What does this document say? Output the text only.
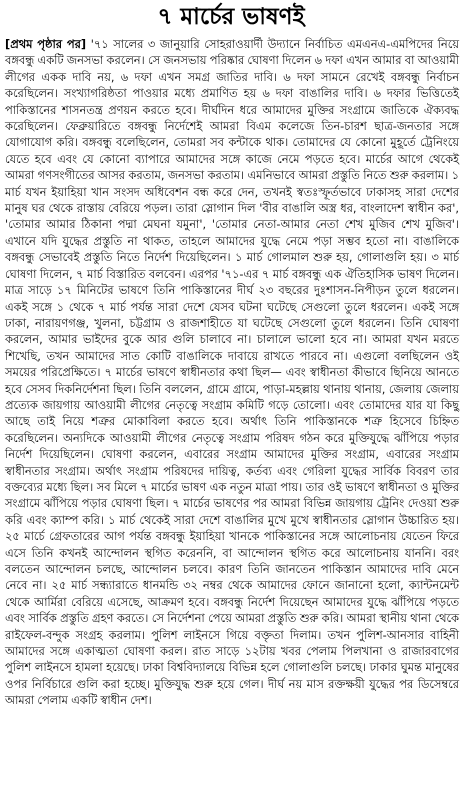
৭ মার্চের ভাষণই

[প্রথম পৃষ্ঠার পর] '৭১ সালের ৩ জানুয়ারি সোহরাওয়ার্দী উদ্যানে নির্বাচিত এমএনএ-এমপিদের নিয়ে বঙ্গবন্ধু একটি জনসভা করলেন। সে জনসভায় পরিষ্কার ঘোষণা দিলেন ৬ দফা এখন আমার বা আওয়ামী লীগের একক দাবি নয়, ৬ দফা এখন সমগ্র জাতির দাবি। ৬ দফা সামনে রেখেই বঙ্গবন্ধু নির্বাচন করেছিলেন। সংখ্যাগরিষ্ঠতা পাওয়ার মধ্যে প্রমাণিত হয় ৬ দফা বাঙালির দাবি। ৬ দফার ভিত্তিতেই পাকিস্তানের শাসনতন্ত্র প্রণয়ন করতে হবে। দীর্ঘদিন ধরে আমাদের মুক্তির সংগ্রামে জাতিকে ঐক্যবদ্ধ করেছিলেন। ফেব্রুয়ারিতে বঙ্গবন্ধু নির্দেশেই আমরা বিএম কলেজে তিন-চারশ ছাত্র-জনতার সঙ্গে যোগাযোগ করি। বঙ্গবন্ধু বলেছিলেন, তোমরা সব কন্টাকে থাক। তোমাদের যে কোনো মুহূর্তে ট্রেনিংয়ে যেতে হবে এবং যে কোনো ব্যাপারে আমাদের সঙ্গে কাজে নেমে পড়তে হবে। মার্চের আগে থেকেই আমরা গণসংগীতের আসর করতাম, জনসভা করতাম। এমনিভাবে আমরা প্রস্তুতি নিতে শুরু করলাম। ১ মার্চ যখন ইয়াহিয়া খান সংসদ অধিবেশন বন্ধ করে দেন, তখনই স্বতঃস্ফূর্তভাবে ঢাকাসহ সারা দেশের মানুষ ঘর থেকে রাস্তায় বেরিয়ে পড়ল। তারা স্লোগান দিল 'বীর বাঙালি অস্ত্র ধর, বাংলাদেশ স্বাধীন কর', 'তোমার আমার ঠিকানা পদ্মা মেঘনা যমুনা', 'তোমার নেতা-আমার নেতা শেখ মুজিব শেখ মুজিব'। এখানে যদি যুদ্ধের প্রস্তুতি না থাকত, তাহলে আমাদের যুদ্ধে নেমে পড়া সম্ভব হতো না। বাঙালিকে বঙ্গবন্ধু সেভাবেই প্রস্তুতি নিতে নির্দেশ দিয়েছিলেন। ১ মার্চ গোলমাল শুরু হয়, গোলাগুলি হয়। ৩ মার্চ ঘোষণা দিলেন, ৭ মার্চ বিস্তারিত বলবেন। এরপর '৭১-এর ৭ মার্চ বঙ্গবন্ধু এক ঐতিহাসিক ভাষণ দিলেন। মাত্র সাড়ে ১৭ মিনিটের ভাষণে তিনি পাকিস্তানের দীর্ঘ ২৩ বছরের দুঃশাসন-নিপীড়ন তুলে ধরলেন। একই সঙ্গে ১ থেকে ৭ মার্চ পর্যন্ত সারা দেশে যেসব ঘটনা ঘটেছে সেগুলো তুলে ধরলেন। একই সঙ্গে ঢাকা, নারায়ণগঞ্জ, খুলনা, চট্টগ্রাম ও রাজশাহীতে যা ঘটেছে সেগুলো তুলে ধরলেন। তিনি ঘোষণা করলেন, আমার ভাইদের বুকে আর গুলি চালাবে না। চালালে ভালো হবে না। আমরা যখন মরতে শিখেছি, তখন আমাদের সাত কোটি বাঙালিকে দাবায়ে রাখতে পারবে না। এগুলো বলছিলেন ওই সময়ের পরিপ্রেক্ষিতে। ৭ মার্চের ভাষণে স্বাধীনতার কথা ছিল— এবং স্বাধীনতা কীভাবে ছিনিয়ে আনতে হবে সেসব দিকনির্দেশনা ছিল। তিনি বললেন, গ্রামে গ্রামে, পাড়া-মহল্লায় থানায় থানায়, জেলায় জেলায় প্রত্যেক জায়গায় আওয়ামী লীগের নেতৃত্বে সংগ্রাম কমিটি গড়ে তোলো। এবং তোমাদের যার যা কিছু আছে তাই নিয়ে শত্রুর মোকাবিলা করতে হবে। অর্থাৎ তিনি পাকিস্তানকে শত্রু হিসেবে চিহ্নিত করেছিলেন। অন্যদিকে আওয়ামী লীগের নেতৃত্বে সংগ্রাম পরিষদ গঠন করে মুক্তিযুদ্ধে ঝাঁপিয়ে পড়ার নির্দেশ দিয়েছিলেন। ঘোষণা করলেন, এবারের সংগ্রাম আমাদের মুক্তির সংগ্রাম, এবারের সংগ্রাম স্বাধীনতার সংগ্রাম। অর্থাৎ সংগ্রাম পরিষদের দায়িত্ব, কর্তব্য এবং গেরিলা যুদ্ধের সার্বিক বিবরণ তার বক্তব্যের মধ্যে ছিল। সব মিলে ৭ মার্চের ভাষণ এক নতুন মাত্রা পায়। তার ওই ভাষণে স্বাধীনতা ও মুক্তির সংগ্রামে ঝাঁপিয়ে পড়ার ঘোষণা ছিল। ৭ মার্চের ভাষণের পর আমরা বিভিন্ন জায়গায় ট্রেনিং দেওয়া শুরু করি এবং ক্যাম্প করি। ১ মার্চ থেকেই সারা দেশে বাঙালির মুখে মুখে স্বাধীনতার স্লোগান উচ্চারিত হয়। ২৫ মার্চে গ্রেফতারের আগ পর্যন্ত বঙ্গবন্ধু ইয়াহিয়া খানকে পাকিস্তানের সঙ্গে আলোচনায় যেতেন ফিরে এসে তিনি কখনই আন্দোলন স্থগিত করেননি, বা আন্দোলন স্থগিত করে আলোচনায় যাননি। বরং বলতেন আন্দোলন চলছে, আন্দোলন চলবে। কারণ তিনি জানতেন পাকিস্তান আমাদের দাবি মেনে নেবে না। ২৫ মার্চ সন্ধ্যারাতে ধানমন্ডি ৩২ নম্বর থেকে আমাদের ফোনে জানানো হলো, ক্যান্টনমেন্ট থেকে আর্মিরা বেরিয়ে এসেছে, আক্রমণ হবে। বঙ্গবন্ধু নির্দেশ দিয়েছেন আমাদের যুদ্ধে ঝাঁপিয়ে পড়তে এবং সার্বিক প্রস্তুতি গ্রহণ করতে। সে নির্দেশনা পেয়ে আমরা প্রস্তুতি শুরু করি। আমরা স্থানীয় থানা থেকে রাইফেল-বন্দুক সংগ্রহ করলাম। পুলিশ লাইনসে গিয়ে বক্তৃতা দিলাম। তখন পুলিশ-আনসার বাহিনী আমাদের সঙ্গে একাত্মতা ঘোষণা করল। রাত সাড়ে ১২টায় খবর পেলাম পিলখানা ও রাজারবাগের পুলিশ লাইনসে হামলা হয়েছে। ঢাকা বিশ্ববিদ্যালয়ে বিভিন্ন হলে গোলাগুলি চলছে। ঢাকার ঘুমন্ত মানুষের ওপর নির্বিচারে গুলি করা হচ্ছে। মুক্তিযুদ্ধ শুরু হয়ে গেল। দীর্ঘ নয় মাস রক্তক্ষয়ী যুদ্ধের পর ডিসেম্বরে আমরা পেলাম একটি স্বাধীন দেশ।
